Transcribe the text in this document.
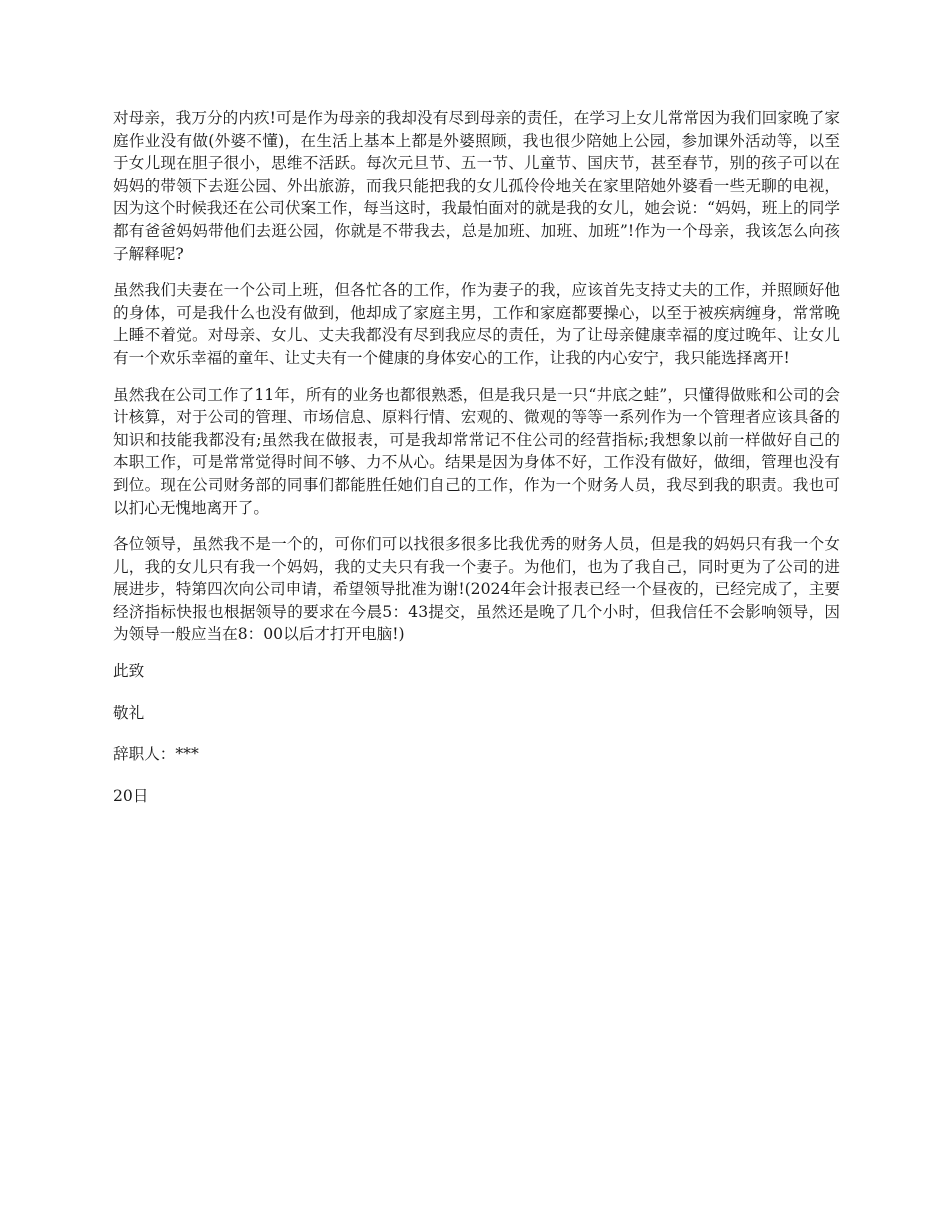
对母亲，我万分的内疚!可是作为母亲的我却没有尽到母亲的责任，在学习上女儿常常因为我们回家晚了家庭作业没有做(外婆不懂)，在生活上基本上都是外婆照顾，我也很少陪她上公园，参加课外活动等，以至于女儿现在胆子很小，思维不活跃。每次元旦节、五一节、儿童节、国庆节，甚至春节，别的孩子可以在妈妈的带领下去逛公园、外出旅游，而我只能把我的女儿孤伶伶地关在家里陪她外婆看一些无聊的电视，因为这个时候我还在公司伏案工作，每当这时，我最怕面对的就是我的女儿，她会说：“妈妈，班上的同学都有爸爸妈妈带他们去逛公园，你就是不带我去，总是加班、加班、加班”!作为一个母亲，我该怎么向孩子解释呢?

虽然我们夫妻在一个公司上班，但各忙各的工作，作为妻子的我，应该首先支持丈夫的工作，并照顾好他的身体，可是我什么也没有做到，他却成了家庭主男，工作和家庭都要操心，以至于被疾病缠身，常常晚上睡不着觉。对母亲、女儿、丈夫我都没有尽到我应尽的责任，为了让母亲健康幸福的度过晚年、让女儿有一个欢乐幸福的童年、让丈夫有一个健康的身体安心的工作，让我的内心安宁，我只能选择离开!

虽然我在公司工作了11年，所有的业务也都很熟悉，但是我只是一只“井底之蛙”，只懂得做账和公司的会计核算，对于公司的管理、市场信息、原料行情、宏观的、微观的等等一系列作为一个管理者应该具备的知识和技能我都没有;虽然我在做报表，可是我却常常记不住公司的经营指标;我想象以前一样做好自己的本职工作，可是常常觉得时间不够、力不从心。结果是因为身体不好，工作没有做好，做细，管理也没有到位。现在公司财务部的同事们都能胜任她们自己的工作，作为一个财务人员，我尽到我的职责。我也可以扪心无愧地离开了。

各位领导，虽然我不是一个的，可你们可以找很多很多比我优秀的财务人员，但是我的妈妈只有我一个女儿，我的女儿只有我一个妈妈，我的丈夫只有我一个妻子。为他们，也为了我自己，同时更为了公司的进展进步，特第四次向公司申请，希望领导批准为谢!(2024年会计报表已经一个昼夜的，已经完成了，主要经济指标快报也根据领导的要求在今晨5：43提交，虽然还是晚了几个小时，但我信任不会影响领导，因为领导一般应当在8：00以后才打开电脑!)

此致

敬礼

辞职人：***

20日
